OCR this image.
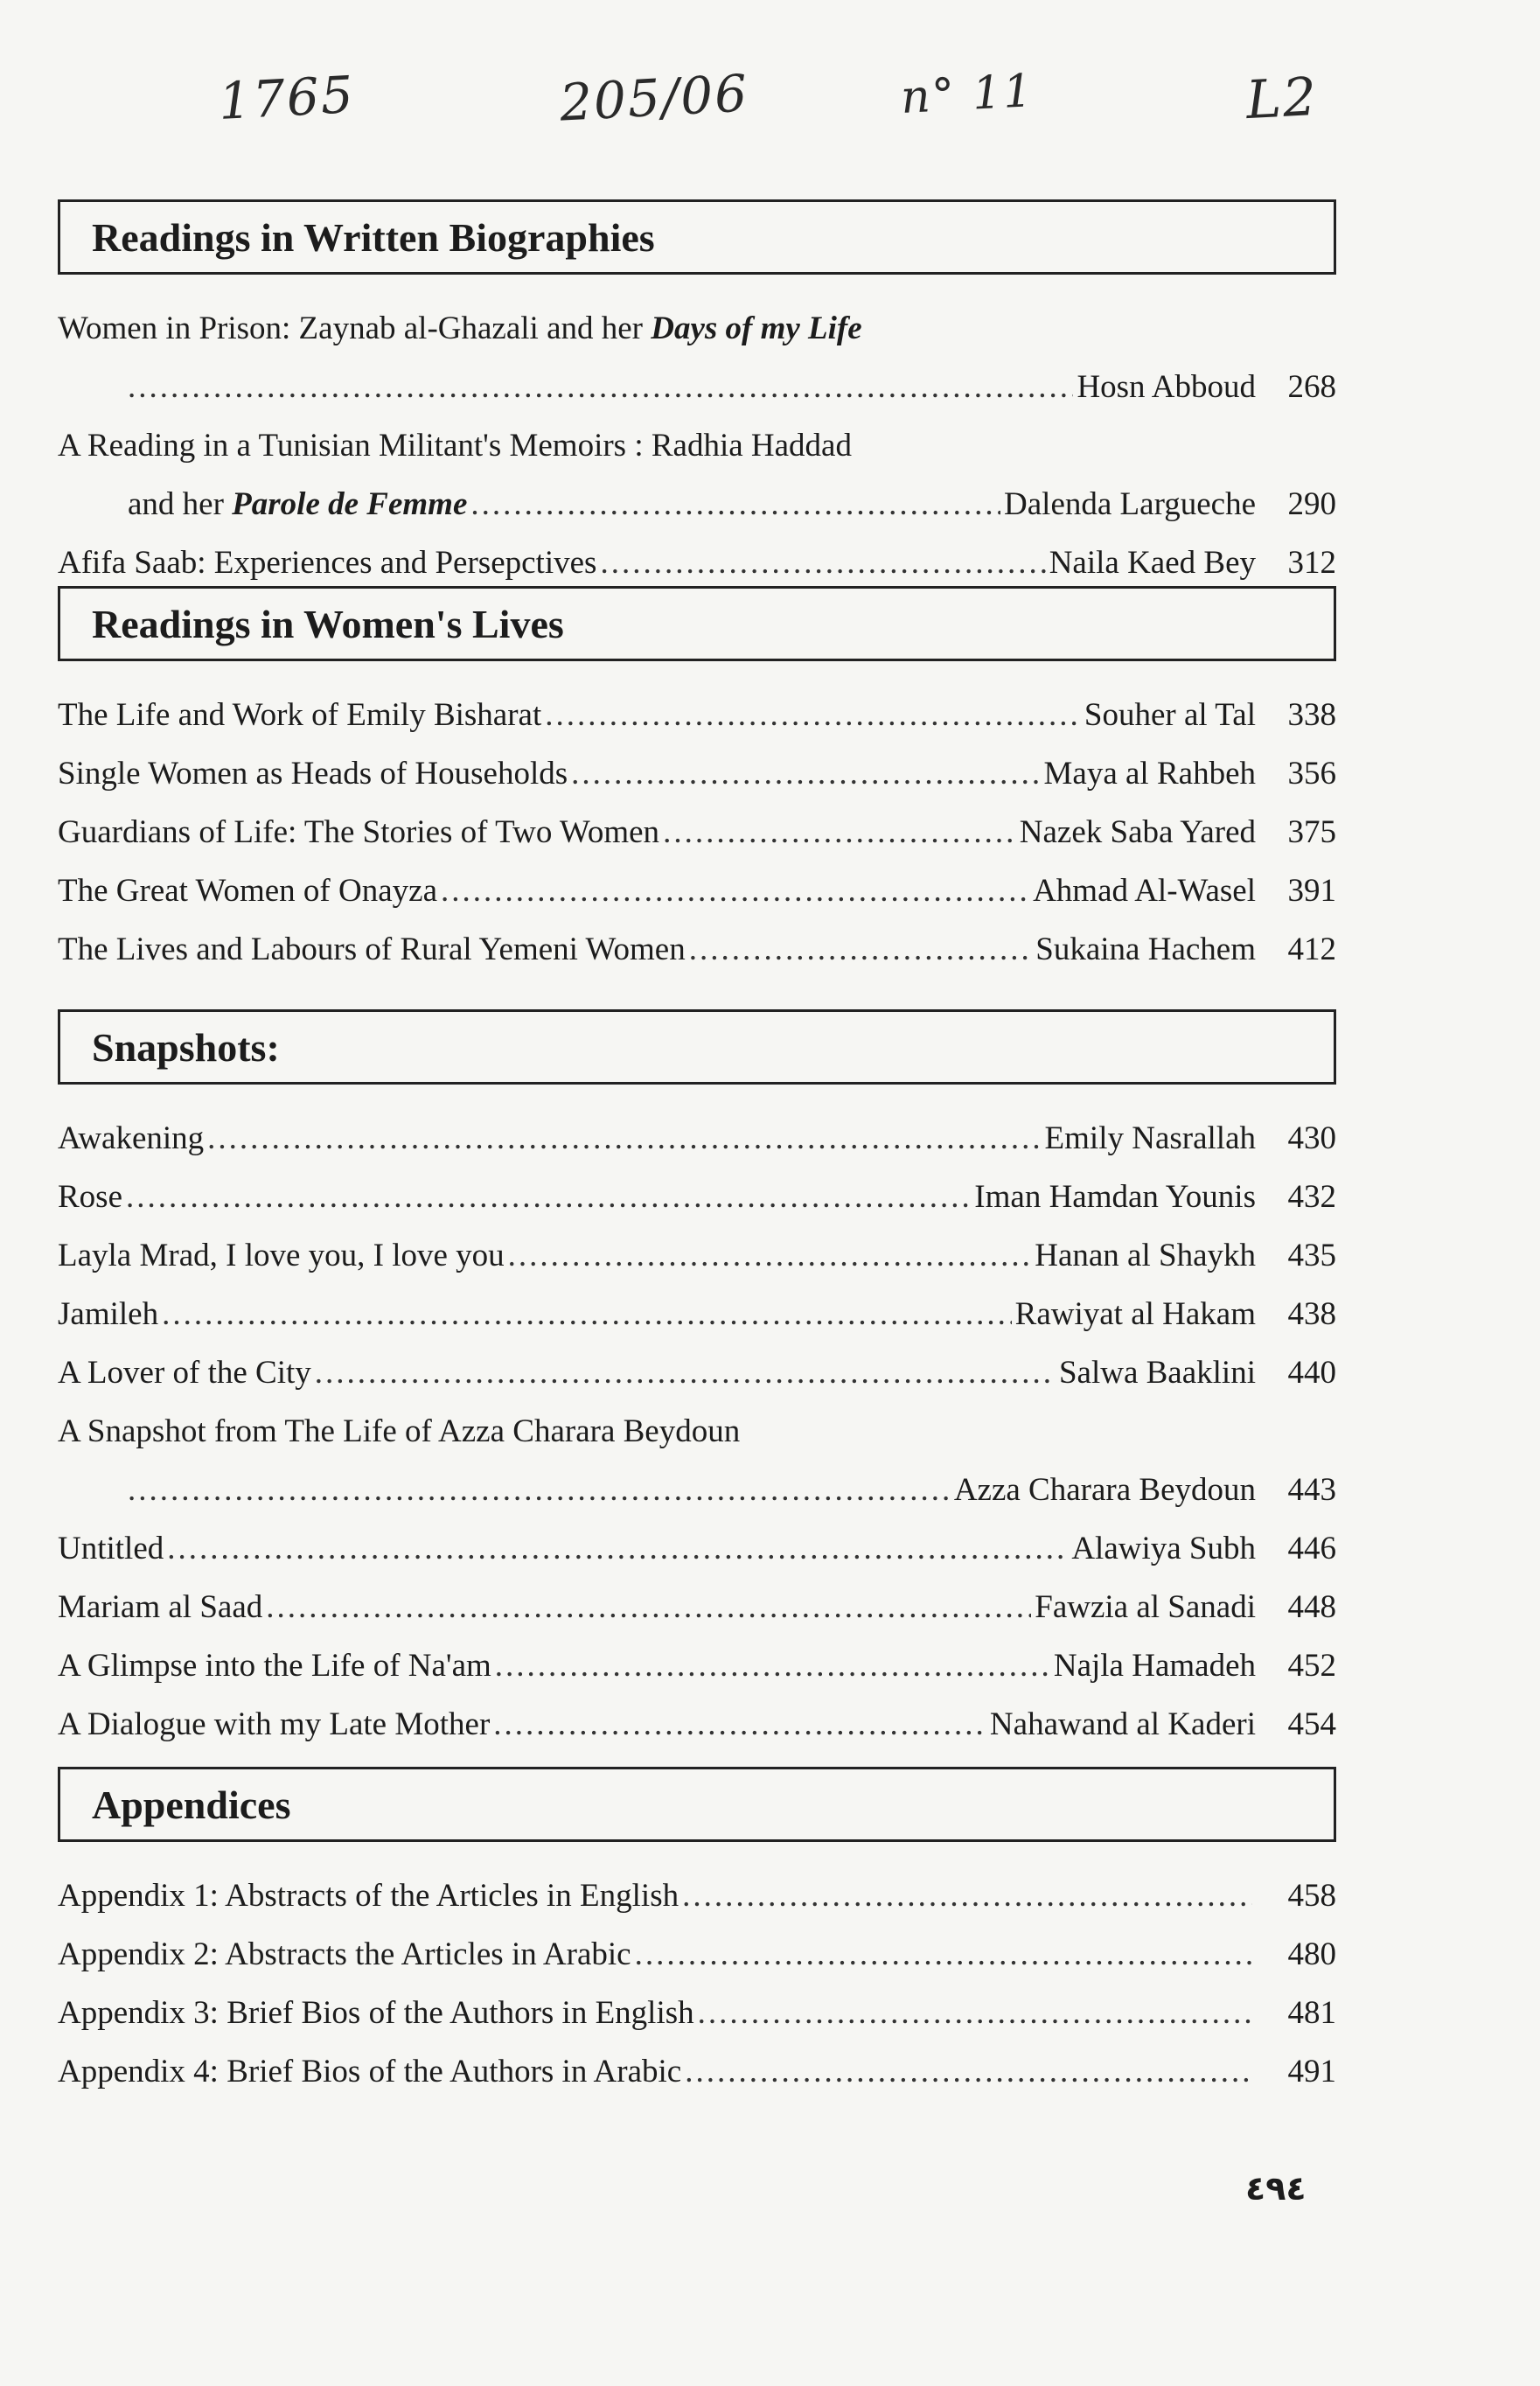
1765	205/06	n° 11	L2
Readings in Written Biographies
Women in Prison: Zaynab al-Ghazali and her Days of my Life
.....
Hosn Abboud 268
A Reading in a Tunisian Militant's Memoirs : Radhia Haddad
and her Parole de Femme .....	Dalenda Largueche 290
Afifa Saab: Experiences and Persepctives .....	Naila Kaed Bey 312
Readings in Women's Lives
The Life and Work of Emily Bisharat .....	Souher al Tal 338
Single Women as Heads of Households .....	Maya al Rahbeh 356
Guardians of Life: The Stories of Two Women .....	Nazek Saba Yared 375
The Great Women of Onayza .....	Ahmad Al-Wasel 391
The Lives and Labours of Rural Yemeni Women .....	Sukaina Hachem 412
Snapshots:
Awakening .....	Emily Nasrallah 430
Rose .....	Iman Hamdan Younis 432
Layla Mrad, I love you, I love you .....	Hanan al Shaykh 435
Jamileh .....	Rawiyat al Hakam 438
A Lover of the City .....	Salwa Baaklini 440
A Snapshot from The Life of Azza Charara Beydoun
.....
Azza Charara Beydoun 443
Untitled .....	Alawiya Subh 446
Mariam al Saad .....	Fawzia al Sanadi 448
A Glimpse into the Life of Na'am .....	Najla Hamadeh 452
A Dialogue with my Late Mother .....	Nahawand al Kaderi 454
Appendices
Appendix 1: Abstracts of the Articles in English .....	458
Appendix 2: Abstracts the Articles in Arabic .....	480
Appendix 3: Brief Bios of the Authors in English .....	481
Appendix 4: Brief Bios of the Authors in Arabic .....	491
٤٩٤
